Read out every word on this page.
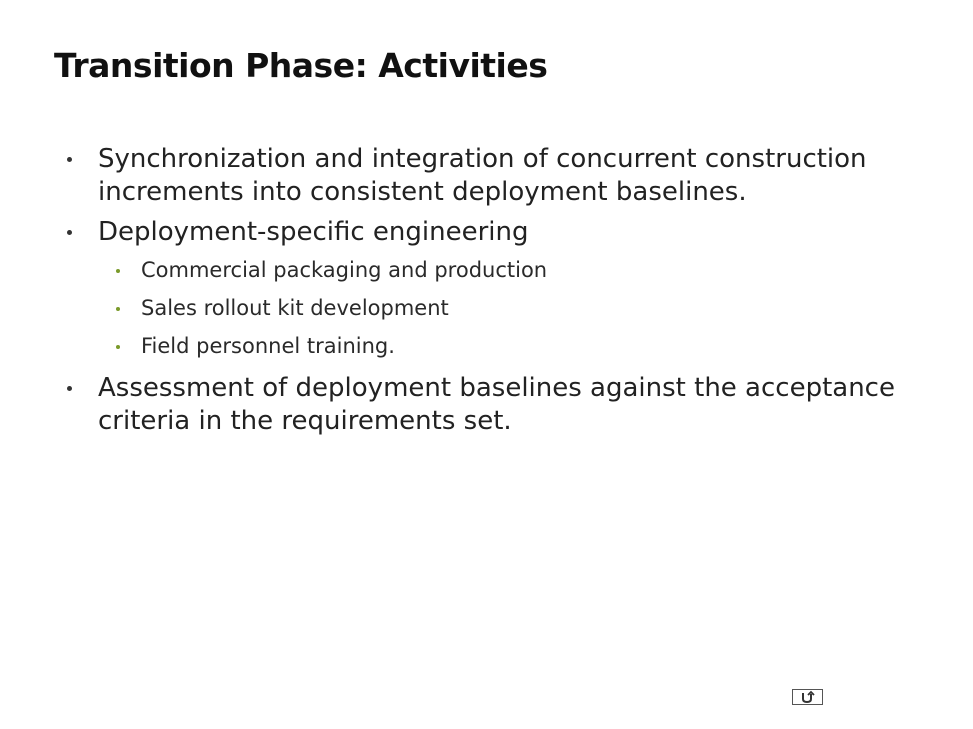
Transition Phase: Activities
Synchronization and integration of concurrent construction increments into consistent deployment baselines.
Deployment-specific engineering
Commercial packaging and production
Sales rollout kit development
Field personnel training.
Assessment of deployment baselines against the acceptance criteria in the requirements set.
